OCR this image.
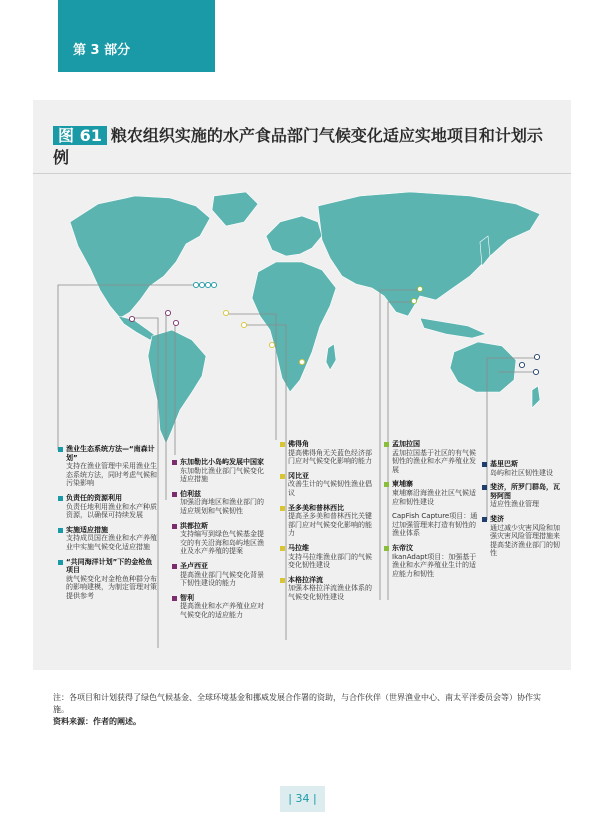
第 3 部分
图 61 粮农组织实施的水产食品部门气候变化适应实地项目和计划示例
渔业生态系统方法—“南森计划”
支持在渔业管理中采用渔业生态系统方法，同时考虑气候和污染影响
负责任的资源利用
负责任地利用渔业和水产种质资源，以确保可持续发展
实施适应措施
支持成员国在渔业和水产养殖业中实施气候变化适应措施
“共同海洋计划”下的金枪鱼项目
就气候变化对金枪鱼种群分布的影响建模，为制定管理对策提供参考
东加勒比小岛屿发展中国家
东加勒比渔业部门气候变化适应措施
伯利兹
加强沿海地区和渔业部门的适应规划和气候韧性
洪都拉斯
支持编写到绿色气候基金提交的有关沿海和岛屿地区渔业及水产养殖的提案
圣卢西亚
提高渔业部门气候变化背景下韧性建设的能力
智利
提高渔业和水产养殖业应对气候变化的适应能力
佛得角
提高佛得角无关蓝色经济部门应对气候变化影响的能力
冈比亚
改善生计的气候韧性渔业倡议
圣多美和普林西比
提高圣多美和普林西比关键部门应对气候变化影响的能力
马拉维
支持马拉维渔业部门的气候变化韧性建设
本格拉洋流
加强本格拉洋流渔业体系的气候变化韧性建设
孟加拉国
孟加拉国基于社区的有气候韧性的渔业和水产养殖业发展
柬埔寨
柬埔寨沿海渔业社区气候适应和韧性建设
CapFish Capture项目：通过加强管理来打造有韧性的渔业体系
东帝汶
IkanAdapt项目：加强基于渔业和水产养殖业生计的适应能力和韧性
基里巴斯
岛屿和社区韧性建设
斐济，所罗门群岛，瓦努阿图
适应性渔业管理
斐济
通过减少灾害风险和加强灾害风险管理措施来提高斐济渔业部门的韧性
注：各项目和计划获得了绿色气候基金、全球环境基金和挪威发展合作署的资助，与合作伙伴（世界渔业中心、南太平洋委员会等）协作实施。
资料来源：作者的阐述。
| 34 |
